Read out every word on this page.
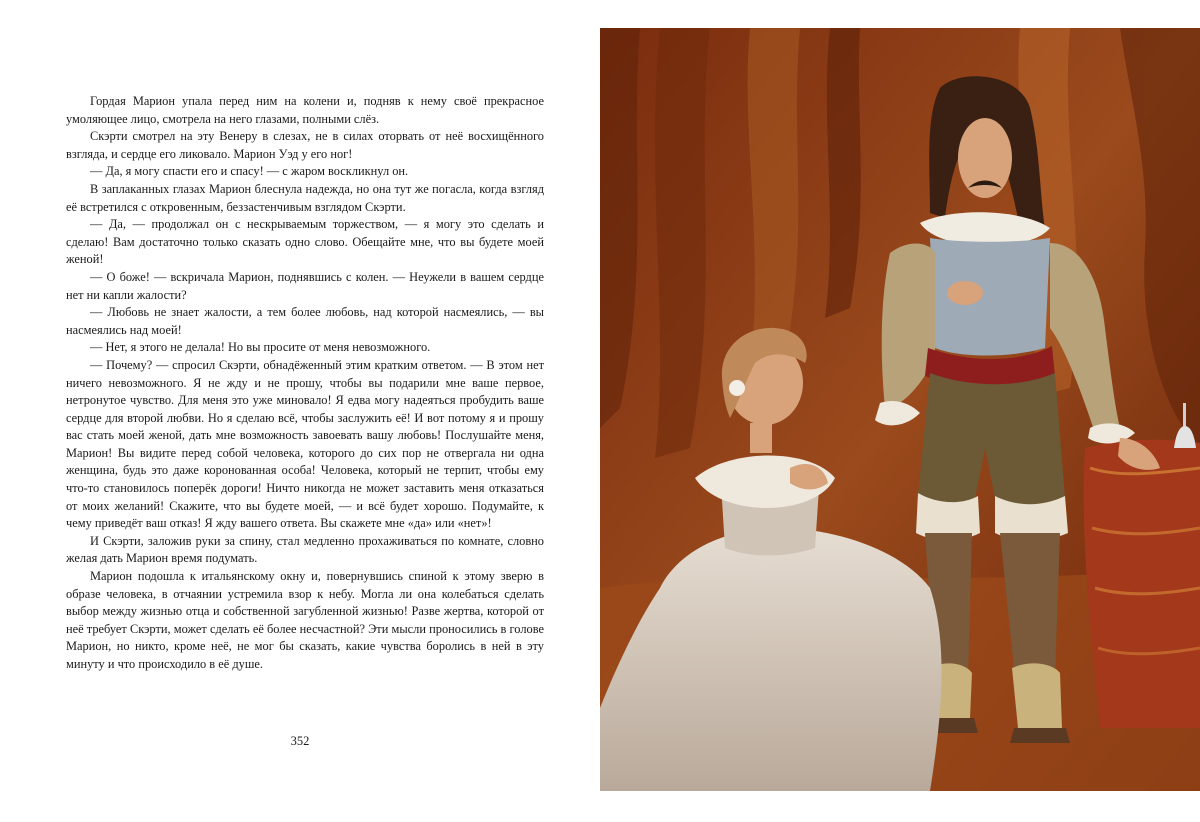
Гордая Марион упала перед ним на колени и, подняв к нему своё прекрасное умоляющее лицо, смотрела на него глазами, полными слёз.

Скэрти смотрел на эту Венеру в слезах, не в силах оторвать от неё восхищённого взгляда, и сердце его ликовало. Марион Уэд у его ног!

— Да, я могу спасти его и спасу! — с жаром воскликнул он.

В заплаканных глазах Марион блеснула надежда, но она тут же погасла, когда взгляд её встретился с откровенным, беззастенчивым взглядом Скэрти.

— Да, — продолжал он с нескрываемым торжеством, — я могу это сделать и сделаю! Вам достаточно только сказать одно слово. Обещайте мне, что вы будете моей женой!

— О боже! — вскричала Марион, поднявшись с колен. — Неужели в вашем сердце нет ни капли жалости?

— Любовь не знает жалости, а тем более любовь, над которой насмеялись, — вы насмеялись над моей!

— Нет, я этого не делала! Но вы просите от меня невозможного.

— Почему? — спросил Скэрти, обнадёженный этим кратким ответом. — В этом нет ничего невозможного. Я не жду и не прошу, чтобы вы подарили мне ваше первое, нетронутое чувство. Для меня это уже миновало! Я едва могу надеяться пробудить ваше сердце для второй любви. Но я сделаю всё, чтобы заслужить её! И вот потому я и прошу вас стать моей женой, дать мне возможность завоевать вашу любовь! Послушайте меня, Марион! Вы видите перед собой человека, которого до сих пор не отвергала ни одна женщина, будь это даже коронованная особа! Человека, который не терпит, чтобы ему что-то становилось поперёк дороги! Ничто никогда не может заставить меня отказаться от моих желаний! Скажите, что вы будете моей, — и всё будет хорошо. Подумайте, к чему приведёт ваш отказ! Я жду вашего ответа. Вы скажете мне «да» или «нет»!

И Скэрти, заложив руки за спину, стал медленно прохаживаться по комнате, словно желая дать Марион время подумать.

Марион подошла к итальянскому окну и, повернувшись спиной к этому зверю в образе человека, в отчаянии устремила взор к небу. Могла ли она колебаться сделать выбор между жизнью отца и собственной загубленной жизнью! Разве жертва, которой от неё требует Скэрти, может сделать её более несчастной? Эти мысли проносились в голове Марион, но никто, кроме неё, не мог бы сказать, какие чувства боролись в ней в эту минуту и что происходило в её душе.

352
